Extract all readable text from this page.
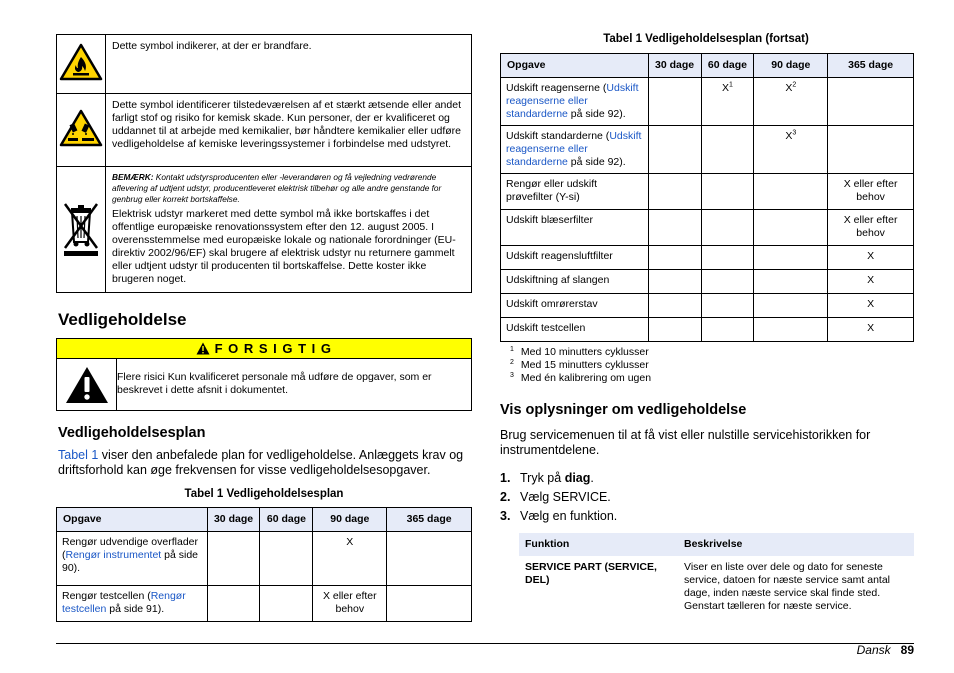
	Dette symbol indikerer, at der er brandfare.
	Dette symbol identificerer tilstedeværelsen af et stærkt ætsende eller andet farligt stof og risiko for kemisk skade. Kun personer, der er kvalificeret og uddannet til at arbejde med kemikalier, bør håndtere kemikalier eller udføre vedligeholdelse af kemiske leveringssystemer i forbindelse med udstyret.

BEMÆRK: Kontakt udstyrsproducenten eller -leverandøren og få vejledning vedrørende aflevering af udtjent udstyr, producentleveret elektrisk tilbehør og alle andre genstande for genbrug eller korrekt bortskaffelse.
Elektrisk udstyr markeret med dette symbol må ikke bortskaffes i det offentlige europæiske renovationssystem efter den 12. august 2005. I overensstemmelse med europæiske lokale og nationale forordninger (EU-direktiv 2002/96/EF) skal brugere af elektrisk udstyr nu returnere gammelt eller udtjent udstyr til producenten til bortskaffelse. Dette koster ikke brugeren noget.
Vedligeholdelse
F O R S I G T I G
Flere risici Kun kvalificeret personale må udføre de opgaver, som er beskrevet i dette afsnit i dokumentet.
Vedligeholdelsesplan
Tabel 1 viser den anbefalede plan for vedligeholdelse. Anlæggets krav og driftsforhold kan øge frekvensen for visse vedligeholdelsesopgaver.
Tabel 1 Vedligeholdelsesplan
Opgave	30 dage	60 dage	90 dage	365 dage
Rengør udvendige overflader (Rengør instrumentet på side 90).			X	
Rengør testcellen (Rengør testcellen på side 91).			X eller efter behov	
Tabel 1 Vedligeholdelsesplan (fortsat)
Opgave	30 dage	60 dage	90 dage	365 dage
Udskift reagenserne (Udskift reagenserne eller standarderne på side 92).		$X^1$	$X^2$	
Udskift standarderne (Udskift reagenserne eller standarderne på side 92).			$X^3$	
Rengør eller udskift prøvefilter (Y-si)				X eller efter behov
Udskift blæserfilter				X eller efter behov
Udskift reagensluftfilter				X
Udskiftning af slangen				X
Udskift omrørerstav				X
Udskift testcellen				X
$^1$ Med 10 minutters cyklusser
$^2$ Med 15 minutters cyklusser
$^3$ Med én kalibrering om ugen
Vis oplysninger om vedligeholdelse
Brug servicemenuen til at få vist eller nulstille servicehistorikken for instrumentdelene.
1. Tryk på diag.
2. Vælg SERVICE.
3. Vælg en funktion.
Funktion	Beskrivelse
SERVICE PART (SERVICE, DEL)	Viser en liste over dele og dato for seneste service, datoen for næste service samt antal dage, inden næste service skal finde sted. Genstart tælleren for næste service.
Dansk 89
